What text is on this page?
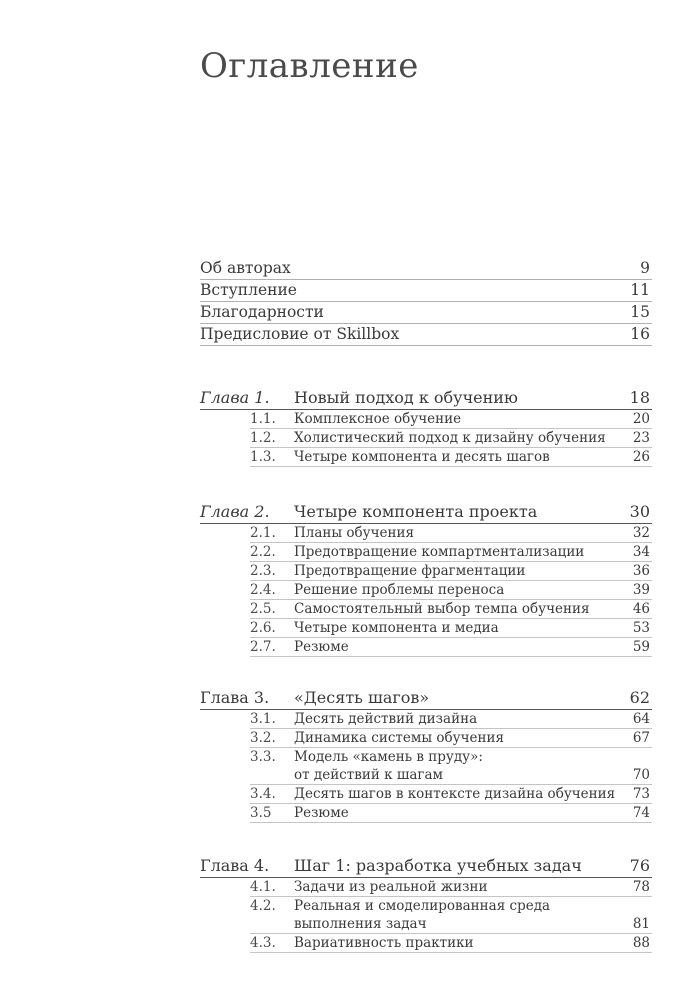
Оглавление
Об авторах	9
Вступление	11
Благодарности	15
Предисловие от Skillbox	16
Глава 1.	Новый подход к обучению	18
1.1.	Комплексное обучение	20
1.2.	Холистический подход к дизайну обучения	23
1.3.	Четыре компонента и десять шагов	26
Глава 2.	Четыре компонента проекта	30
2.1.	Планы обучения	32
2.2.	Предотвращение компартментализации	34
2.3.	Предотвращение фрагментации	36
2.4.	Решение проблемы переноса	39
2.5.	Самостоятельный выбор темпа обучения	46
2.6.	Четыре компонента и медиа	53
2.7.	Резюме	59
Глава 3.	«Десять шагов»	62
3.1.	Десять действий дизайна	64
3.2.	Динамика системы обучения	67
3.3.	Модель «камень в пруду»:
от действий к шагам	70
3.4.	Десять шагов в контексте дизайна обучения	73
3.5	Резюме	74
Глава 4.	Шаг 1: разработка учебных задач	76
4.1.	Задачи из реальной жизни	78
4.2.	Реальная и смоделированная среда
выполнения задач	81
4.3.	Вариативность практики	88
